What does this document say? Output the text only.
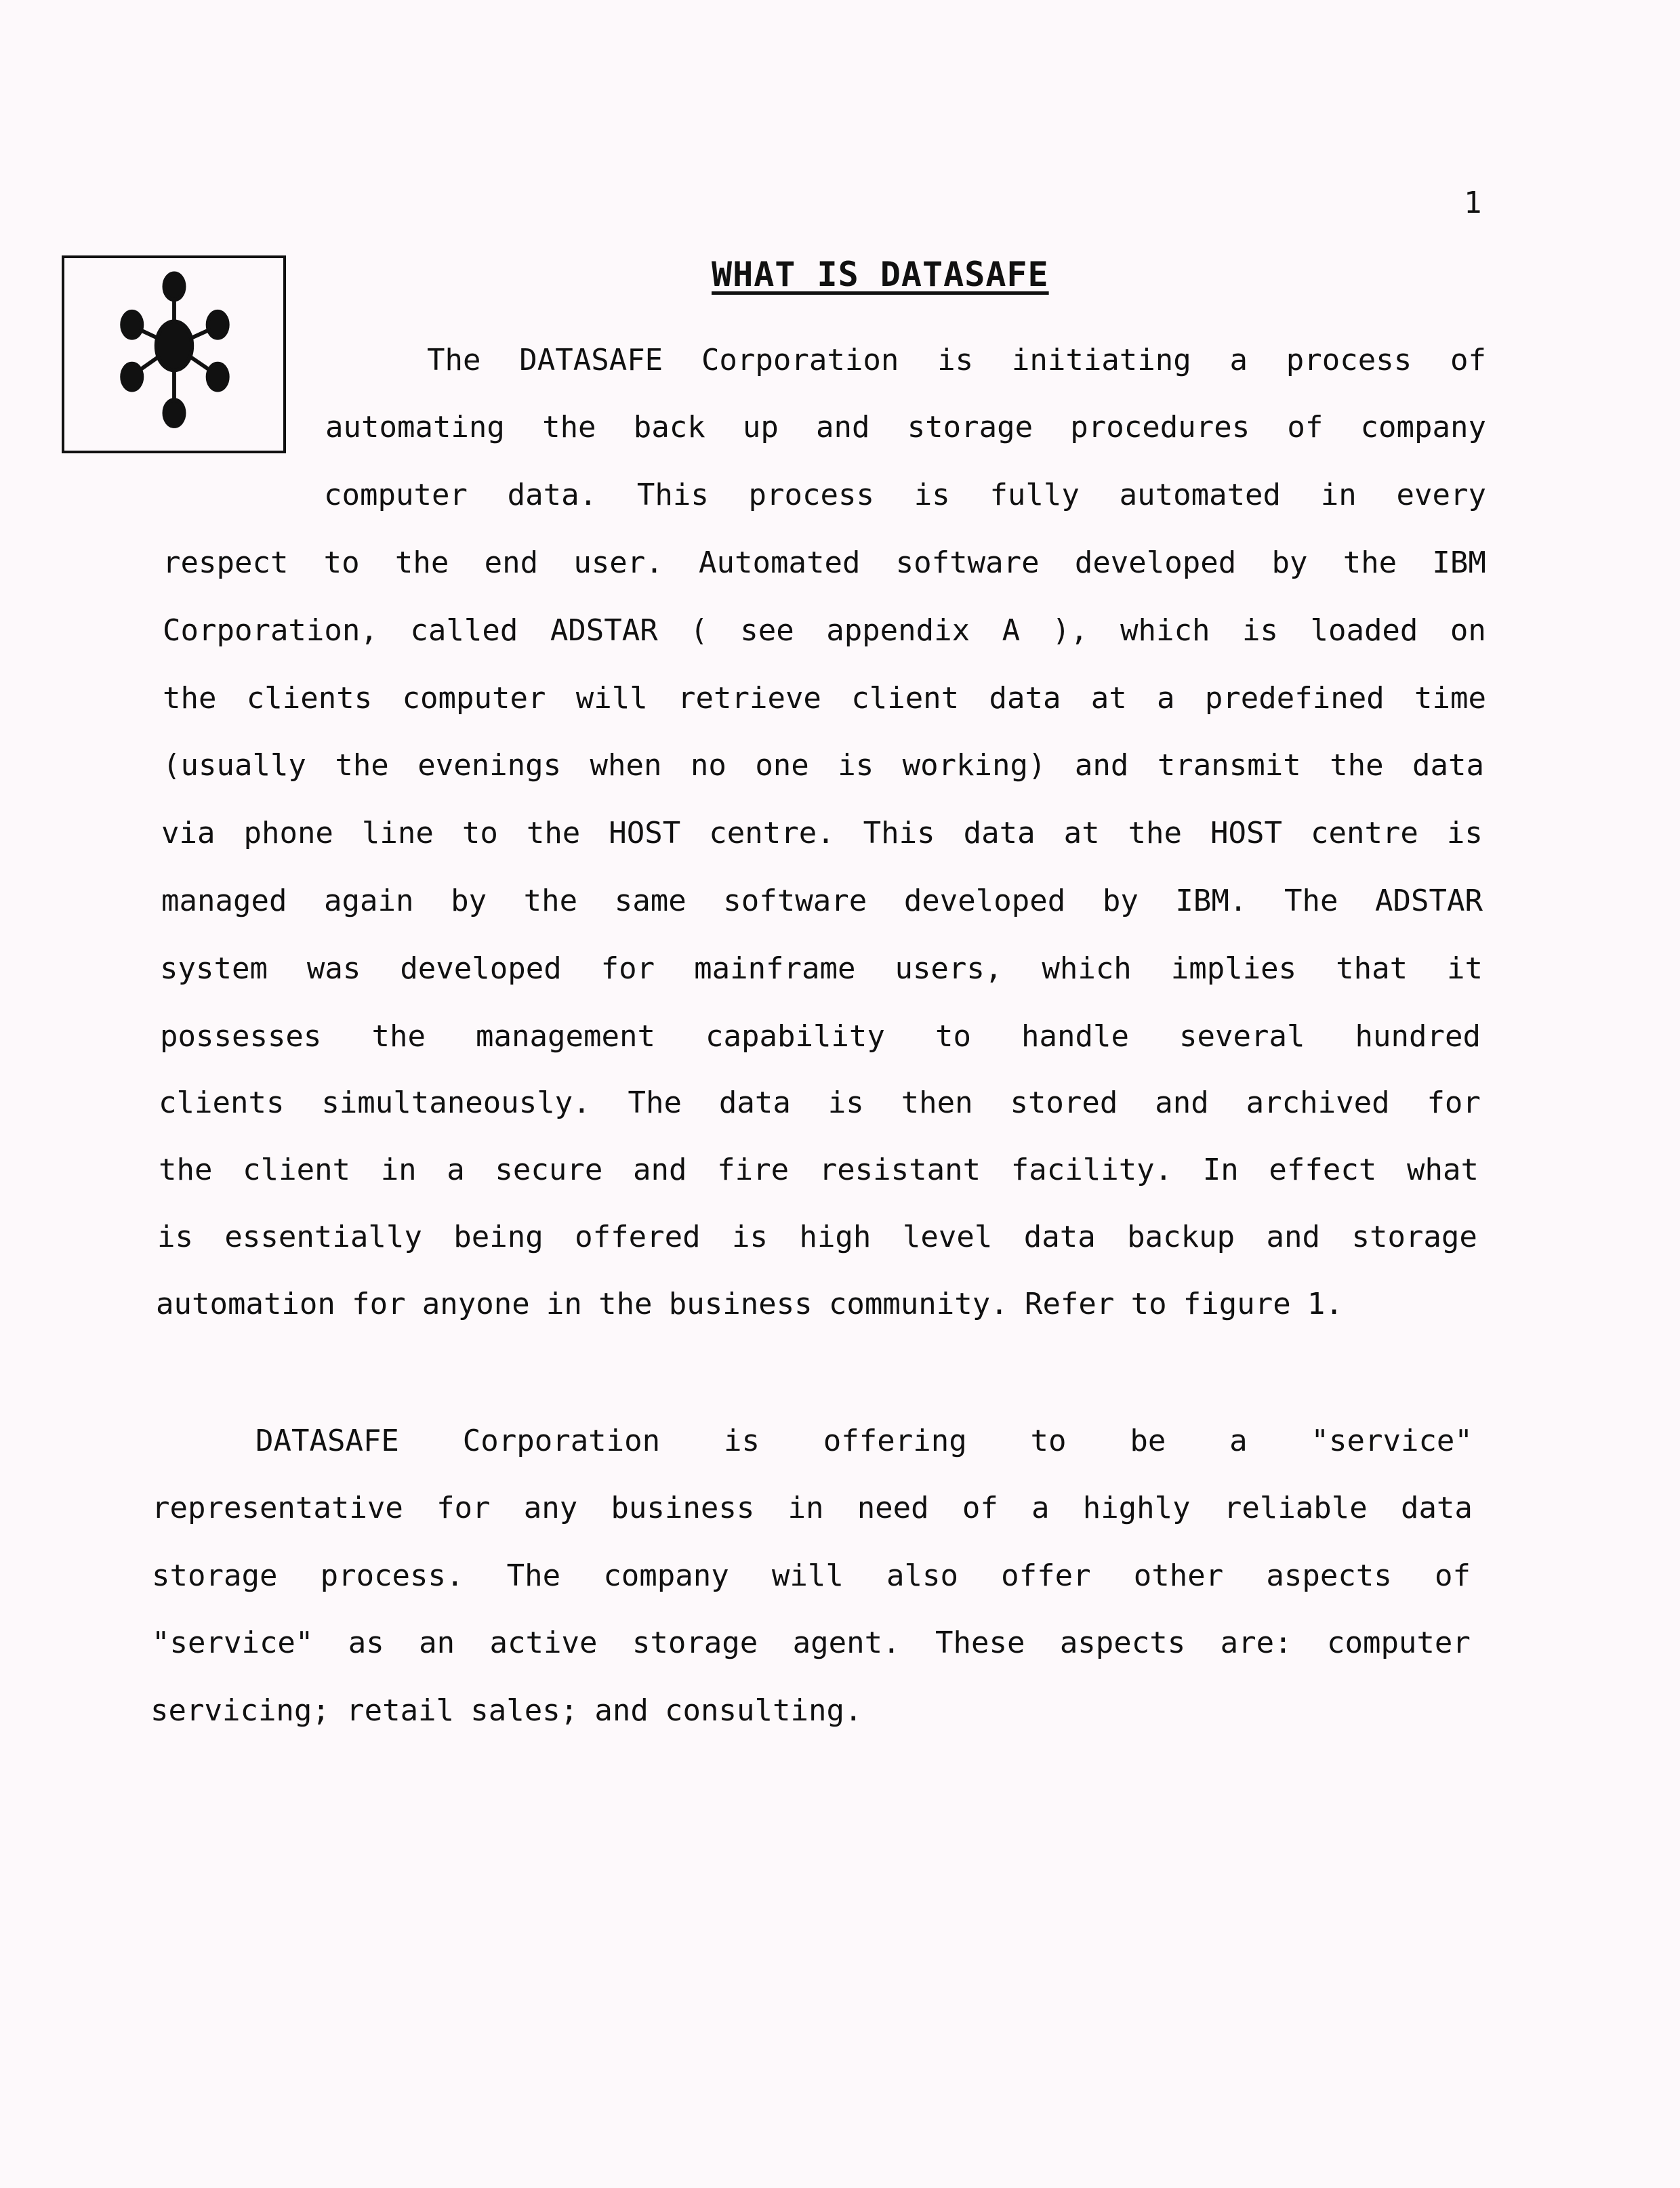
1
WHAT IS DATASAFE
The DATASAFE Corporation is initiating a process of
automating the back up and storage procedures of company
computer data. This process is fully automated in every
respect to the end user. Automated software developed by the IBM
Corporation, called ADSTAR ( see appendix A ), which is loaded on
the clients computer will retrieve client data at a predefined time
(usually the evenings when no one is working) and transmit the data
via phone line to the HOST centre. This data at the HOST centre is
managed again by the same software developed by IBM. The ADSTAR
system was developed for mainframe users, which implies that it
possesses the management capability to handle several hundred
clients simultaneously. The data is then stored and archived for
the client in a secure and fire resistant facility. In effect what
is essentially being offered is high level data backup and storage
automation for anyone in the business community. Refer to figure 1.
DATASAFE Corporation is offering to be a "service"
representative for any business in need of a highly reliable data
storage process. The company will also offer other aspects of
"service" as an active storage agent. These aspects are: computer
servicing; retail sales; and consulting.
